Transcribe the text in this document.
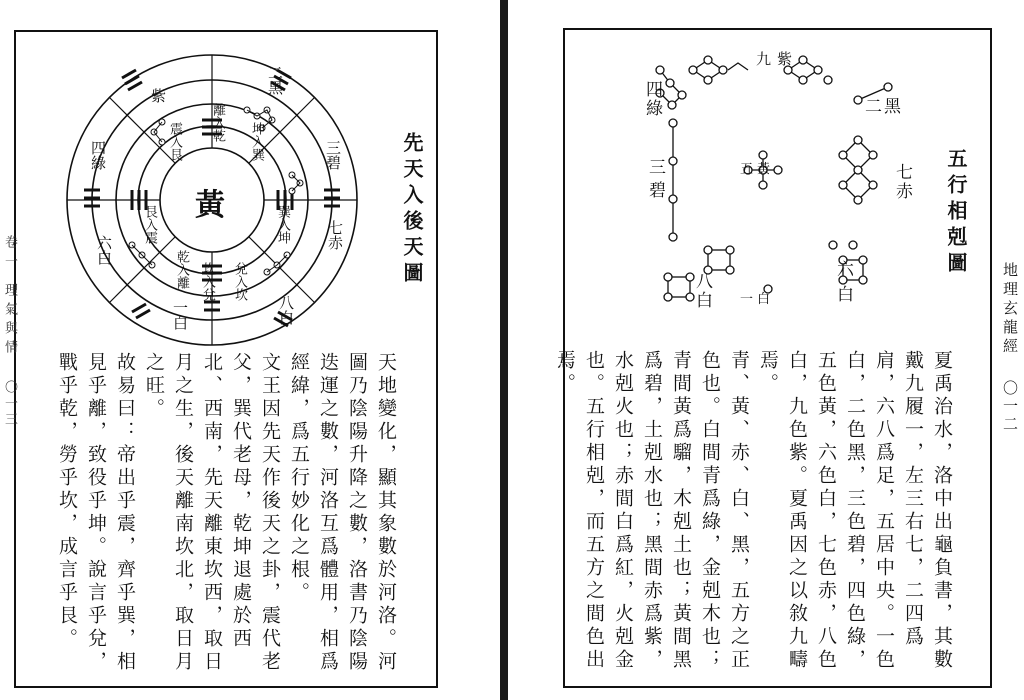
卷一 理氣與情
〇一三
先天入後天圖
黃
離入乾 坤入巽
震入艮
兌入坎
坎入兌
乾入離
巽入坤
艮入震
紫
二黑
三碧
四綠
六白	七赤
八白
一白
天地變化，顯其象數於河洛。河圖乃陰陽升降之數，洛書乃陰陽迭運之數，河洛互爲體用，相爲經緯，爲五行妙化之根。
文王因先天作後天之卦，震代老父，巽代老母，乾坤退處於西北、西南，先天離東坎西，取日月之生，後天離南坎北，取日月之旺。
故易曰：帝出乎震，齊乎巽，相見乎離，致役乎坤。說言乎兌，戰乎乾，勞乎坎，成言乎艮。
地理玄龍經
〇一二
五行相剋圖
九紫
二黑
四綠
三碧	五黃	七赤
六白
八白 一白
夏禹治水，洛中出龜負書，其數戴九履一，左三右七，二四爲肩，六八爲足，五居中央。一色白，二色黑，三色碧，四色綠，五色黃，六色白，七色赤，八色白，九色紫。夏禹因之以敘九疇焉。
青、黃、赤、白、黑，五方之正色也。白間青爲綠，金剋木也；青間黃爲騮，木剋土也；黃間黑爲碧，土剋水也；黑間赤爲紫，水剋火也；赤間白爲紅，火剋金也。五行相剋，而五方之間色出焉。
